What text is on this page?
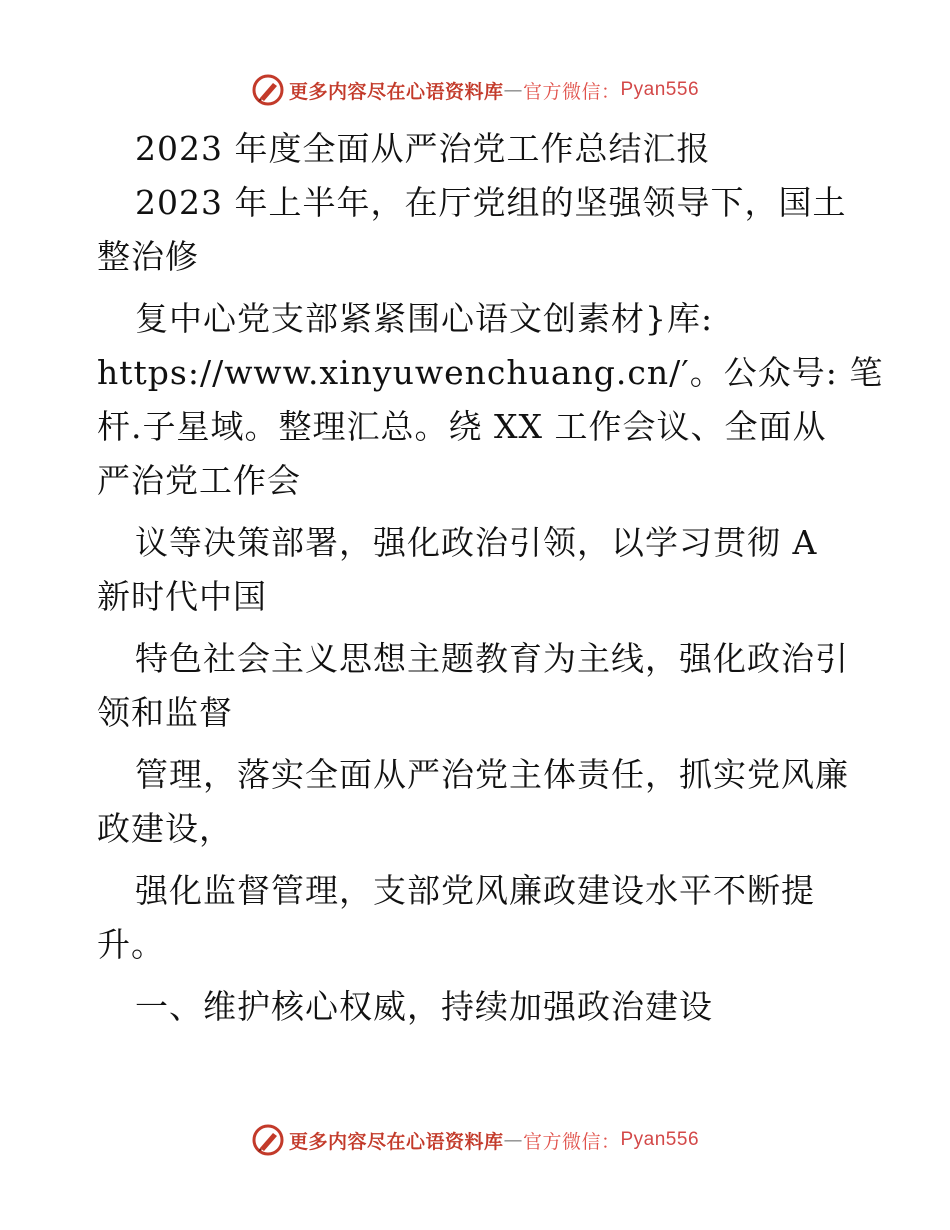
更多内容尽在心语资料库 — 官方微信： Pyan556
2023 年度全面从严治党工作总结汇报
2023 年上半年，在厅党组的坚强领导下，国土
整治修
复中心党支部紧紧围心语文创素材}库:
https://www.xinyuwenchuang.cn/′。公众号: 笔
杆.子星域。整理汇总。绕 XX 工作会议、全面从
严治党工作会
议等决策部署，强化政治引领，以学习贯彻 A
新时代中国
特色社会主义思想主题教育为主线，强化政治引
领和监督
管理，落实全面从严治党主体责任，抓实党风廉
政建设，
强化监督管理，支部党风廉政建设水平不断提
升。
一、维护核心权威，持续加强政治建设
更多内容尽在心语资料库 — 官方微信： Pyan556
